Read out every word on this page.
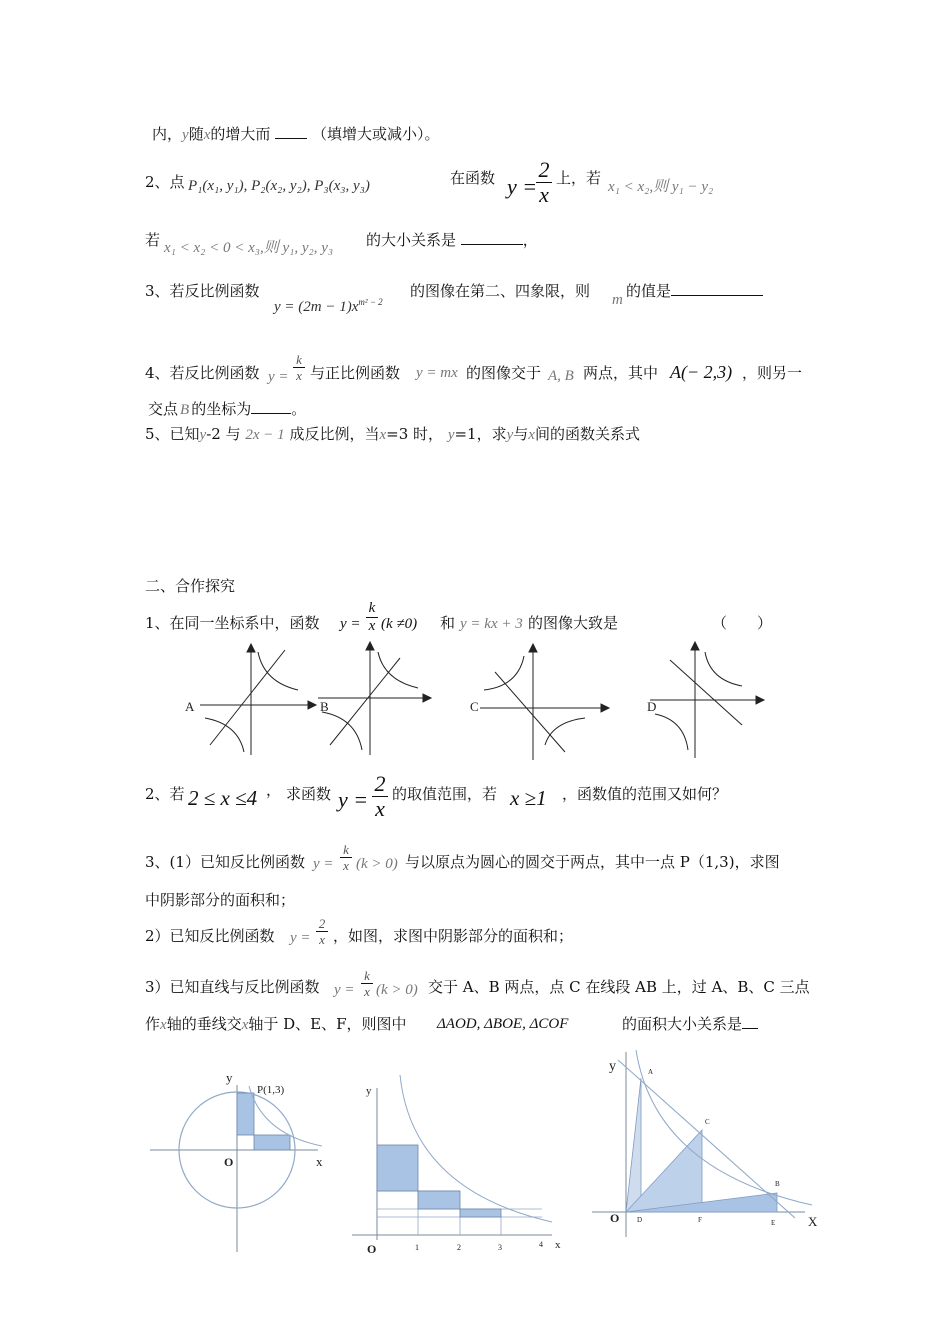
内，y随x的增大而	（填增大或减小）。
2、点 P₁(x₁, y₁), P₂(x₂, y₂), P₃(x₃, y₃)	在函数 y =
2
x
上，若 x₁ < x₂,则 y₁ − y₂
若 x₁ < x₂ < 0 < x₃,则 y₁, y₂, y₃ 的大小关系是	，
3、若反比例函数
$y = (2m - 1)x^{m^2 - 2}$
的图像在第二、四象限，则 m 的值是
4、若反比例函数 y =
k
x 与正比例函数 y = mx 的图像交于 A, B 两点，其中 A(− 2,3) ，则另一
交点 B 的坐标为	。
5、已知y-2 与 2x − 1 成反比例，当x=3 时， y=1，求y与x间的函数关系式
二、合作探究
1、在同一坐标系中，函数 y =
k
x (k ≠0) 和 y = kx + 3 的图像大致是	（　　）
A	B	C	D
2、若 2 ≤ x ≤4 ， 求函数 y =
2
x
的取值范围，若 x ≥1 ，函数值的范围又如何？
3、(1）已知反比例函数 y =
k
x (k > 0) 与以原点为圆心的圆交于两点，其中一点 P（1,3)，求图
中阴影部分的面积和；
2）已知反比例函数 y =
2
x ，如图，求图中阴影部分的面积和；
3）已知直线与反比例函数 y =
k
x (k > 0) 交于 A、B 两点，点 C 在线段 AB 上，过 A、B、C 三点
作x轴的垂线交x轴于 D、E、F，则图中 ΔAOD, ΔBOE, ΔCOF	的面积大小关系是
y
x
O
P(1,3)	y
x
O	1	2	3	4
y
X
O
A
B
C
D	E
F
